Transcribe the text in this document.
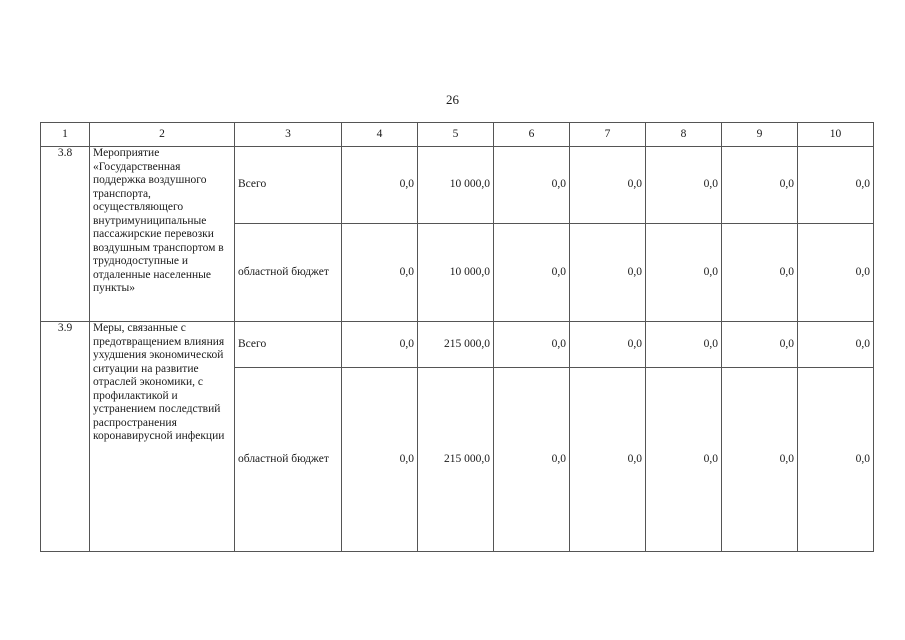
26
1	2	3	4	5	6	7	8	9	10
3.8	Мероприятие «Государственная поддержка воздушного транспорта, осуществляющего внутримуниципальные пассажирские перевозки воздушным транспортом в труднодоступные и отдаленные населенные пункты»	Всего	0,0	10 000,0	0,0	0,0	0,0	0,0	0,0
		областной бюджет	0,0	10 000,0	0,0	0,0	0,0	0,0	0,0
3.9	Меры, связанные с предотвращением влияния ухудшения экономической ситуации на развитие отраслей экономики, с профилактикой и устранением последствий распространения коронавирусной инфекции	Всего	0,0	215 000,0	0,0	0,0	0,0	0,0	0,0
		областной бюджет	0,0	215 000,0	0,0	0,0	0,0	0,0	0,0
